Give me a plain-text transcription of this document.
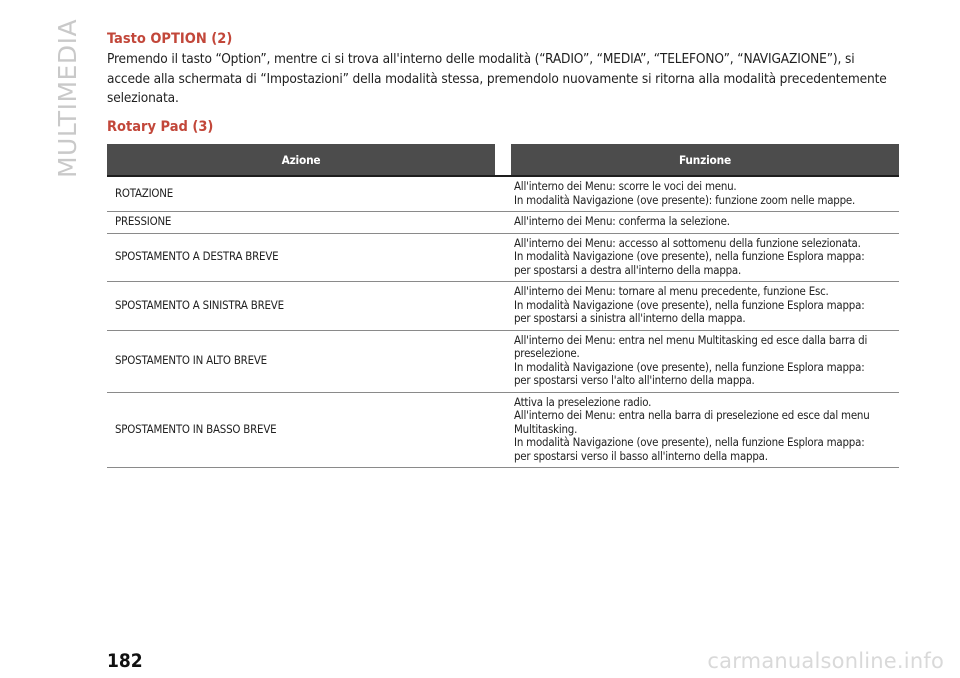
MULTIMEDIA Tasto OPTION (2)

Premendo il tasto “Option”, mentre ci si trova all'interno delle modalità (“RADIO”, “MEDIA”, “TELEFONO”, “NAVIGAZIONE”), si accede alla schermata di “Impostazioni” della modalità stessa, premendolo nuovamente si ritorna alla modalità precedentemente selezionata.

Rotary Pad (3)
Azione		Funzione
ROTAZIONE		All'interno dei Menu: scorre le voci dei menu.
In modalità Navigazione (ove presente): funzione zoom nelle mappe.

PRESSIONE		All'interno dei Menu: conferma la selezione.

SPOSTAMENTO A DESTRA BREVE		All'interno dei Menu: accesso al sottomenu della funzione selezionata.
In modalità Navigazione (ove presente), nella funzione Esplora mappa:
per spostarsi a destra all'interno della mappa.

SPOSTAMENTO A SINISTRA BREVE		All'interno dei Menu: tornare al menu precedente, funzione Esc.
In modalità Navigazione (ove presente), nella funzione Esplora mappa:
per spostarsi a sinistra all'interno della mappa.

SPOSTAMENTO IN ALTO BREVE		All'interno dei Menu: entra nel menu Multitasking ed esce dalla barra di
preselezione.
In modalità Navigazione (ove presente), nella funzione Esplora mappa:
per spostarsi verso l'alto all'interno della mappa.

SPOSTAMENTO IN BASSO BREVE		Attiva la preselezione radio.
All'interno dei Menu: entra nella barra di preselezione ed esce dal menu
Multitasking.
In modalità Navigazione (ove presente), nella funzione Esplora mappa:
per spostarsi verso il basso all'interno della mappa.
182	carmanualsonline.info
